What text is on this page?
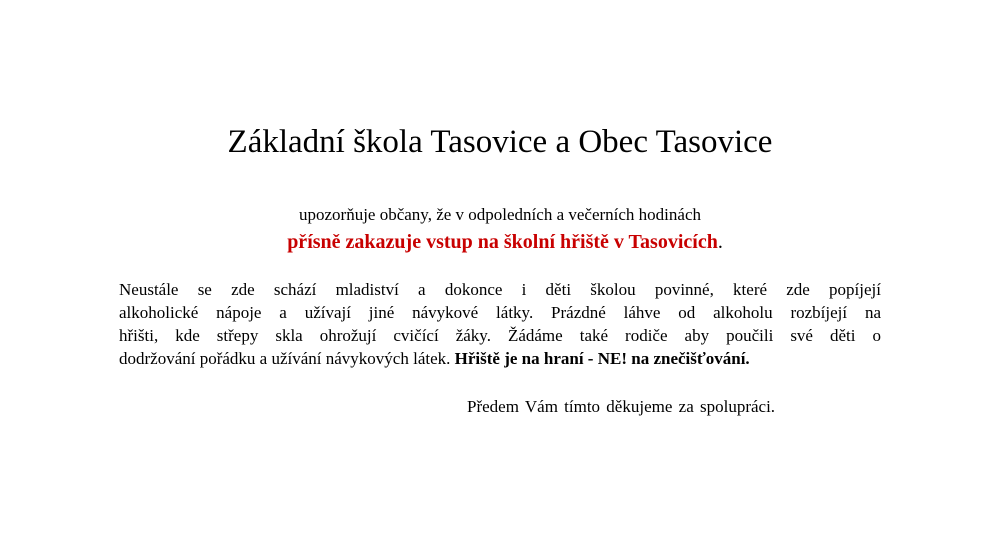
Základní škola Tasovice a Obec Tasovice
upozorňuje občany, že v odpoledních a večerních hodinách
přísně zakazuje vstup na školní hřiště v Tasovicích.
Neustále se zde schází mladiství a dokonce i děti školou povinné, které zde popíjejí
alkoholické nápoje a užívají jiné návykové látky. Prázdné láhve od alkoholu rozbíjejí na
hřišti, kde střepy skla ohrožují cvičící žáky. Žádáme také rodiče aby poučili své děti o
dodržování pořádku a užívání návykových látek. Hřiště je na hraní - NE! na znečišťování.
Předem Vám tímto děkujeme za spolupráci.
